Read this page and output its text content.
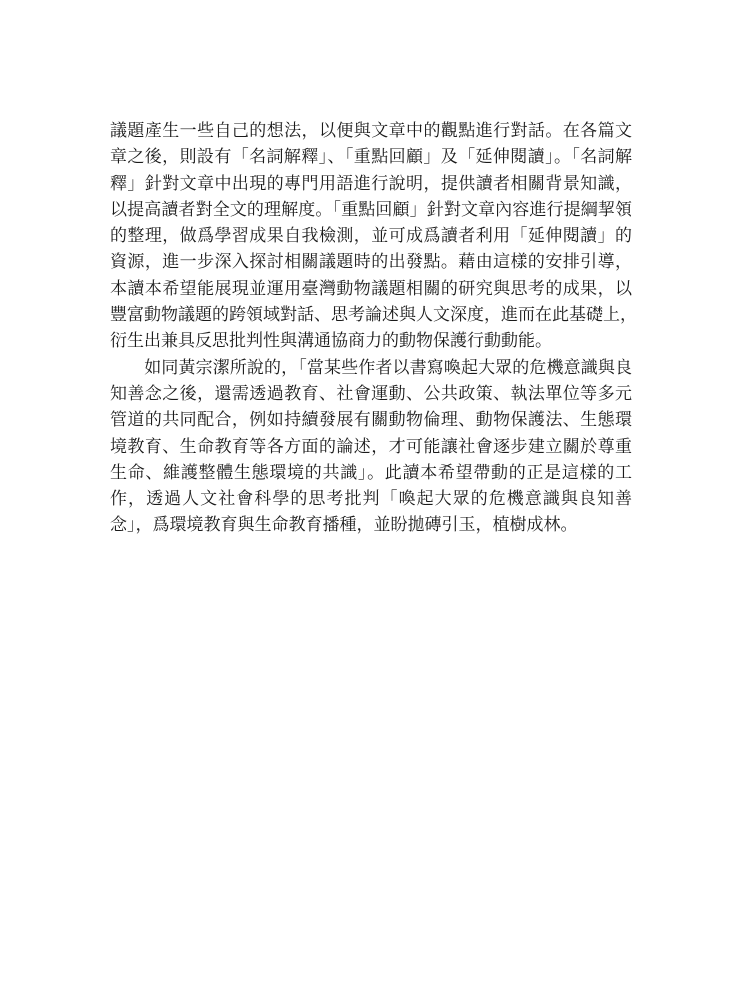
議題產生一些自己的想法，以便與文章中的觀點進行對話。在各篇文
章之後，則設有「名詞解釋」、「重點回顧」及「延伸閱讀」。「名詞解
釋」針對文章中出現的專門用語進行說明，提供讀者相關背景知識，
以提高讀者對全文的理解度。「重點回顧」針對文章內容進行提綱挈領
的整理，做爲學習成果自我檢測，並可成爲讀者利用「延伸閱讀」的
資源，進一步深入探討相關議題時的出發點。藉由這樣的安排引導，
本讀本希望能展現並運用臺灣動物議題相關的研究與思考的成果，以
豐富動物議題的跨領域對話、思考論述與人文深度，進而在此基礎上，
衍生出兼具反思批判性與溝通協商力的動物保護行動動能。
　　如同黃宗潔所說的，「當某些作者以書寫喚起大眾的危機意識與良
知善念之後，還需透過教育、社會運動、公共政策、執法單位等多元
管道的共同配合，例如持續發展有關動物倫理、動物保護法、生態環
境教育、生命教育等各方面的論述，才可能讓社會逐步建立關於尊重
生命、維護整體生態環境的共識」。此讀本希望帶動的正是這樣的工
作，透過人文社會科學的思考批判「喚起大眾的危機意識與良知善
念」，爲環境教育與生命教育播種，並盼拋磚引玉，植樹成林。
